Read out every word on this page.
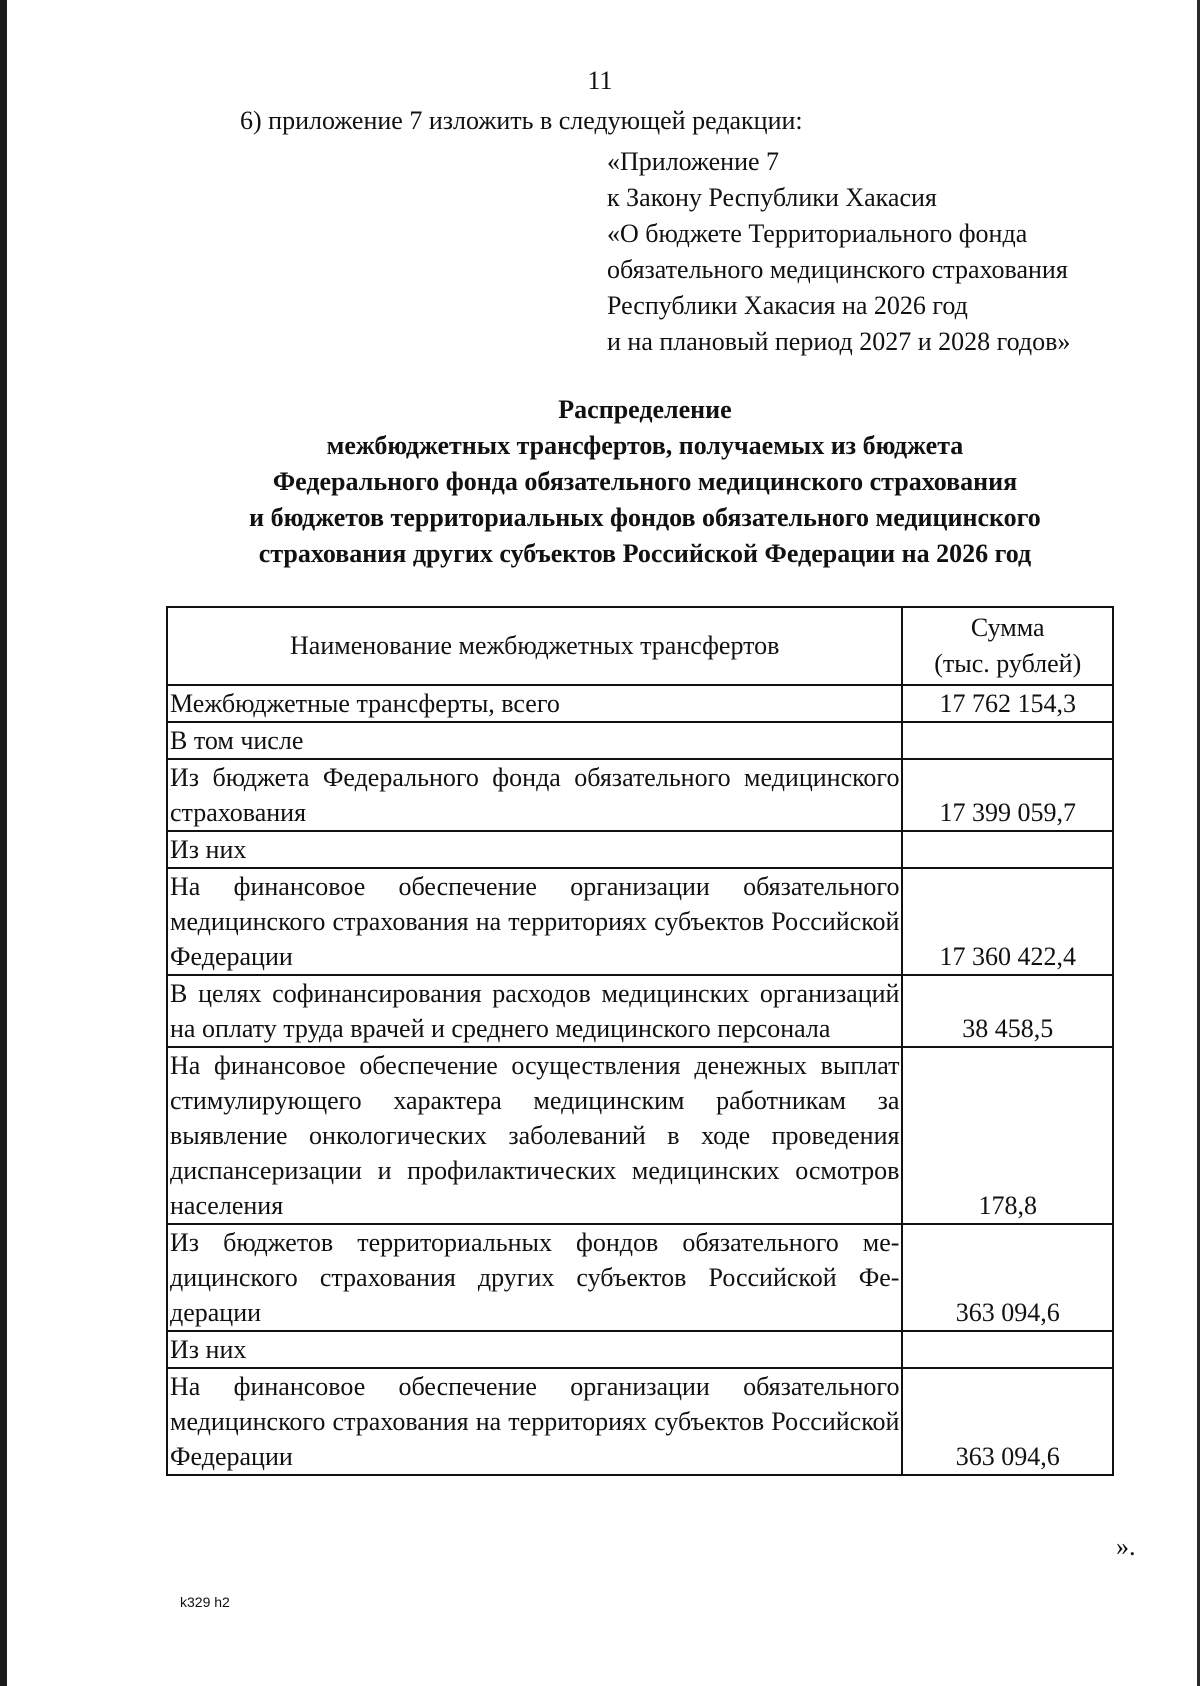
11
6) приложение 7 изложить в следующей редакции:
«Приложение 7
к Закону Республики Хакасия
«О бюджете Территориального фонда
обязательного медицинского страхования
Республики Хакасия на 2026 год
и на плановый период 2027 и 2028 годов»
Распределение
межбюджетных трансфертов, получаемых из бюджета
Федерального фонда обязательного медицинского страхования
и бюджетов территориальных фондов обязательного медицинского
страхования других субъектов Российской Федерации на 2026 год
Наименование межбюджетных трансфертов	Сумма
(тыс. рублей)

Межбюджетные трансферты, всего	17 762 154,3
В том числе	
Из бюджета Федерального фонда обязательного медицинского страхования	17 399 059,7
Из них	
На финансовое обеспечение организации обязательного медицинского страхования на территориях субъектов Российской Федерации	17 360 422,4
В целях софинансирования расходов медицинских организаций на оплату труда врачей и среднего медицинского персонала	38 458,5
На финансовое обеспечение осуществления денежных выплат стимулирующего характера медицинским работникам за выявление онкологических заболеваний в ходе проведения диспансеризации и профилактических медицинских осмотров населения	178,8
Из бюджетов территориальных фондов обязательного медицинского страхования других субъектов Российской Федерации	363 094,6
Из них	
На финансовое обеспечение организации обязательного медицинского страхования на территориях субъектов Российской Федерации	363 094,6
».
k329 h2
